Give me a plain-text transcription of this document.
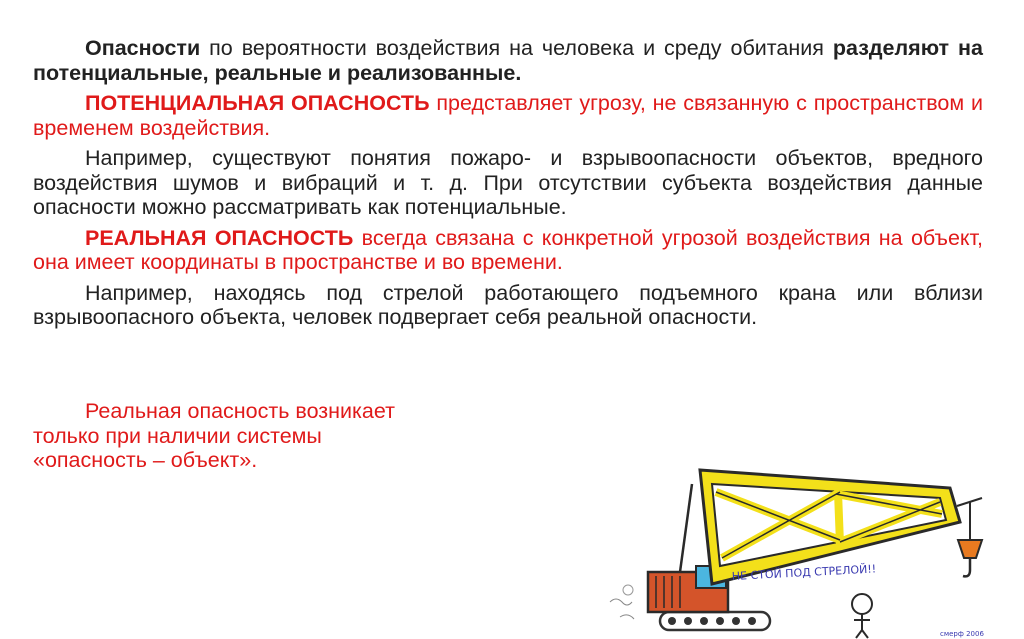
Опасности по вероятности воздействия на человека и среду обитания разделяют на потенциальные, реальные и реализованные.

ПОТЕНЦИАЛЬНАЯ ОПАСНОСТЬ представляет угрозу, не связанную с пространством и временем воздействия.

Например, существуют понятия пожаро- и взрывоопасности объектов, вредного воздействия шумов и вибраций и т. д. При отсутствии субъекта воздействия данные опасности можно рассматривать как потенциальные.

РЕАЛЬНАЯ ОПАСНОСТЬ всегда связана с конкретной угрозой воздействия на объект, она имеет координаты в пространстве и во времени.

Например, находясь под стрелой работающего подъемного крана или вблизи взрывоопасного объекта, человек подвергает себя реальной опасности.

Реальная опасность возникает
только при наличии системы
«опасность – объект».
НЕ СТОЙ ПОД СТРЕЛОЙ!!
смерф 2006
